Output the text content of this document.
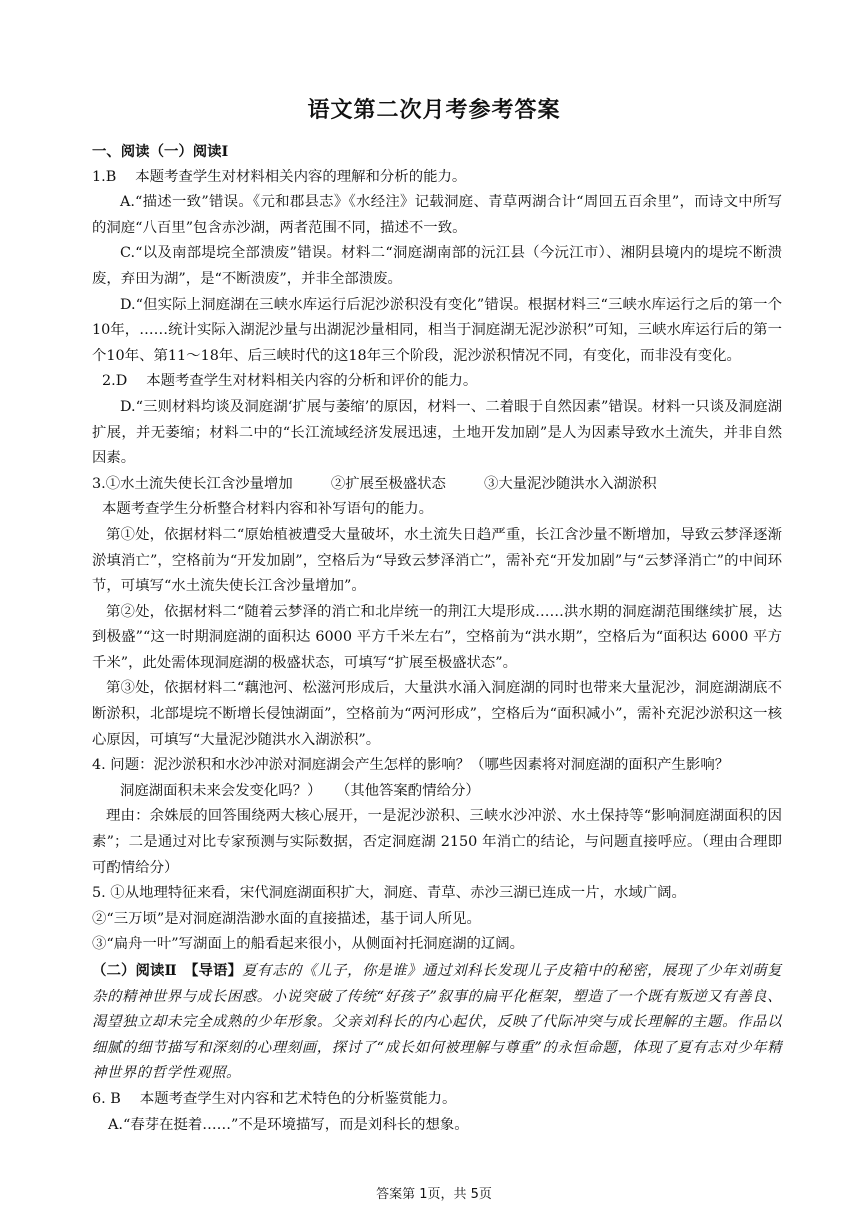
语文第二次月考参考答案

一、阅读（一）阅读Ⅰ

1.B　 本题考查学生对材料相关内容的理解和分析的能力。

A.“描述一致”错误。《元和郡县志》《水经注》记载洞庭、青草两湖合计“周回五百余里”，而诗文中所写的洞庭“八百里”包含赤沙湖，两者范围不同，描述不一致。

C.“以及南部堤垸全部溃废”错误。材料二“洞庭湖南部的沅江县（今沅江市）、湘阴县境内的堤垸不断溃废，弃田为湖”，是“不断溃废”，并非全部溃废。

D.“但实际上洞庭湖在三峡水库运行后泥沙淤积没有变化”错误。根据材料三“三峡水库运行之后的第一个10年，……统计实际入湖泥沙量与出湖泥沙量相同，相当于洞庭湖无泥沙淤积”可知，三峡水库运行后的第一个10年、第11～18年、后三峡时代的这18年三个阶段，泥沙淤积情况不同，有变化，而非没有变化。

2.D　 本题考查学生对材料相关内容的分析和评价的能力。

D.“三则材料均谈及洞庭湖‘扩展与萎缩’的原因，材料一、二着眼于自然因素”错误。材料一只谈及洞庭湖扩展，并无萎缩；材料二中的“长江流域经济发展迅速，土地开发加剧”是人为因素导致水土流失，并非自然因素。

3.①水土流失使长江含沙量增加	②扩展至极盛状态	③大量泥沙随洪水入湖淤积

本题考查学生分析整合材料内容和补写语句的能力。

第①处，依据材料二“原始植被遭受大量破坏，水土流失日趋严重，长江含沙量不断增加，导致云梦泽逐渐淤填消亡”，空格前为“开发加剧”，空格后为“导致云梦泽消亡”，需补充“开发加剧”与“云梦泽消亡”的中间环节，可填写“水土流失使长江含沙量增加”。

第②处，依据材料二“随着云梦泽的消亡和北岸统一的荆江大堤形成……洪水期的洞庭湖范围继续扩展，达到极盛”“这一时期洞庭湖的面积达 6000 平方千米左右”，空格前为“洪水期”，空格后为“面积达 6000 平方千米”，此处需体现洞庭湖的极盛状态，可填写“扩展至极盛状态”。

第③处，依据材料二“藕池河、松滋河形成后，大量洪水涌入洞庭湖的同时也带来大量泥沙，洞庭湖湖底不断淤积，北部堤垸不断增长侵蚀湖面”，空格前为“两河形成”，空格后为“面积减小”，需补充泥沙淤积这一核心原因，可填写“大量泥沙随洪水入湖淤积”。

4. 问题：泥沙淤积和水沙冲淤对洞庭湖会产生怎样的影响？（哪些因素将对洞庭湖的面积产生影响？

洞庭湖面积未来会发变化吗？）　　（其他答案酌情给分）

理由：余姝辰的回答围绕两大核心展开，一是泥沙淤积、三峡水沙冲淤、水土保持等“影响洞庭湖面积的因素”；二是通过对比专家预测与实际数据，否定洞庭湖 2150 年消亡的结论，与问题直接呼应。（理由合理即可酌情给分）

5. ①从地理特征来看，宋代洞庭湖面积扩大，洞庭、青草、赤沙三湖已连成一片，水域广阔。

②“三万顷”是对洞庭湖浩渺水面的直接描述，基于词人所见。

③“扁舟一叶”写湖面上的船看起来很小，从侧面衬托洞庭湖的辽阔。

（二）阅读Ⅱ　【导语】夏有志的《儿子，你是谁》通过刘科长发现儿子皮箱中的秘密，展现了少年刘萌复杂的精神世界与成长困惑。小说突破了传统“好孩子”叙事的扁平化框架，塑造了一个既有叛逆又有善良、渴望独立却未完全成熟的少年形象。父亲刘科长的内心起伏，反映了代际冲突与成长理解的主题。作品以细腻的细节描写和深刻的心理刻画，探讨了“成长如何被理解与尊重”的永恒命题，体现了夏有志对少年精神世界的哲学性观照。

6. B　 本题考查学生对内容和艺术特色的分析鉴赏能力。

A.“春芽在挺着……”不是环境描写，而是刘科长的想象。

答案第 1页，共 5页
